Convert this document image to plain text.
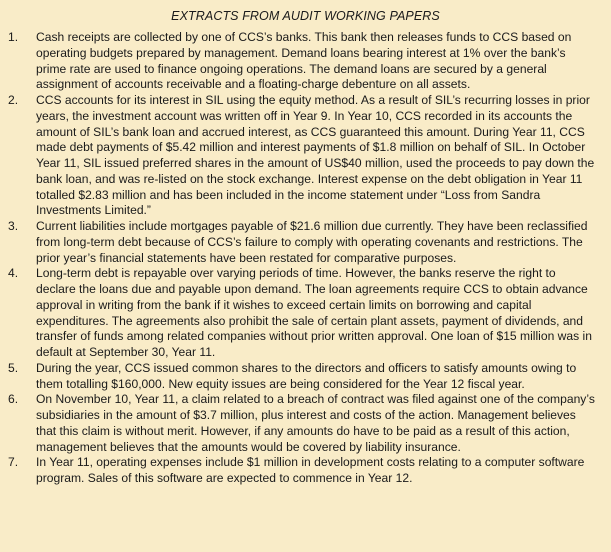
EXTRACTS FROM AUDIT WORKING PAPERS
1.	Cash receipts are collected by one of CCS’s banks. This bank then releases funds to CCS based on operating budgets prepared by management. Demand loans bearing interest at 1% over the bank’s prime rate are used to finance ongoing operations. The demand loans are secured by a general assignment of accounts receivable and a floating-charge debenture on all assets.
2.	CCS accounts for its interest in SIL using the equity method. As a result of SIL’s recurring losses in prior years, the investment account was written off in Year 9. In Year 10, CCS recorded in its accounts the amount of SIL’s bank loan and accrued interest, as CCS guaranteed this amount. During Year 11, CCS made debt payments of $5.42 million and interest payments of $1.8 million on behalf of SIL. In October Year 11, SIL issued preferred shares in the amount of US$40 million, used the proceeds to pay down the bank loan, and was re-listed on the stock exchange. Interest expense on the debt obligation in Year 11 totalled $2.83 million and has been included in the income statement under “Loss from Sandra Investments Limited.”
3.	Current liabilities include mortgages payable of $21.6 million due currently. They have been reclassified from long-term debt because of CCS’s failure to comply with operating covenants and restrictions. The prior year’s financial statements have been restated for comparative purposes.
4.	Long-term debt is repayable over varying periods of time. However, the banks reserve the right to declare the loans due and payable upon demand. The loan agreements require CCS to obtain advance approval in writing from the bank if it wishes to exceed certain limits on borrowing and capital expenditures. The agreements also prohibit the sale of certain plant assets, payment of dividends, and transfer of funds among related companies without prior written approval. One loan of $15 million was in default at September 30, Year 11.
5.	During the year, CCS issued common shares to the directors and officers to satisfy amounts owing to them totalling $160,000. New equity issues are being considered for the Year 12 fiscal year.
6.	On November 10, Year 11, a claim related to a breach of contract was filed against one of the company’s subsidiaries in the amount of $3.7 million, plus interest and costs of the action. Management believes that this claim is without merit. However, if any amounts do have to be paid as a result of this action, management believes that the amounts would be covered by liability insurance.
7.	In Year 11, operating expenses include $1 million in development costs relating to a computer software program. Sales of this software are expected to commence in Year 12.
